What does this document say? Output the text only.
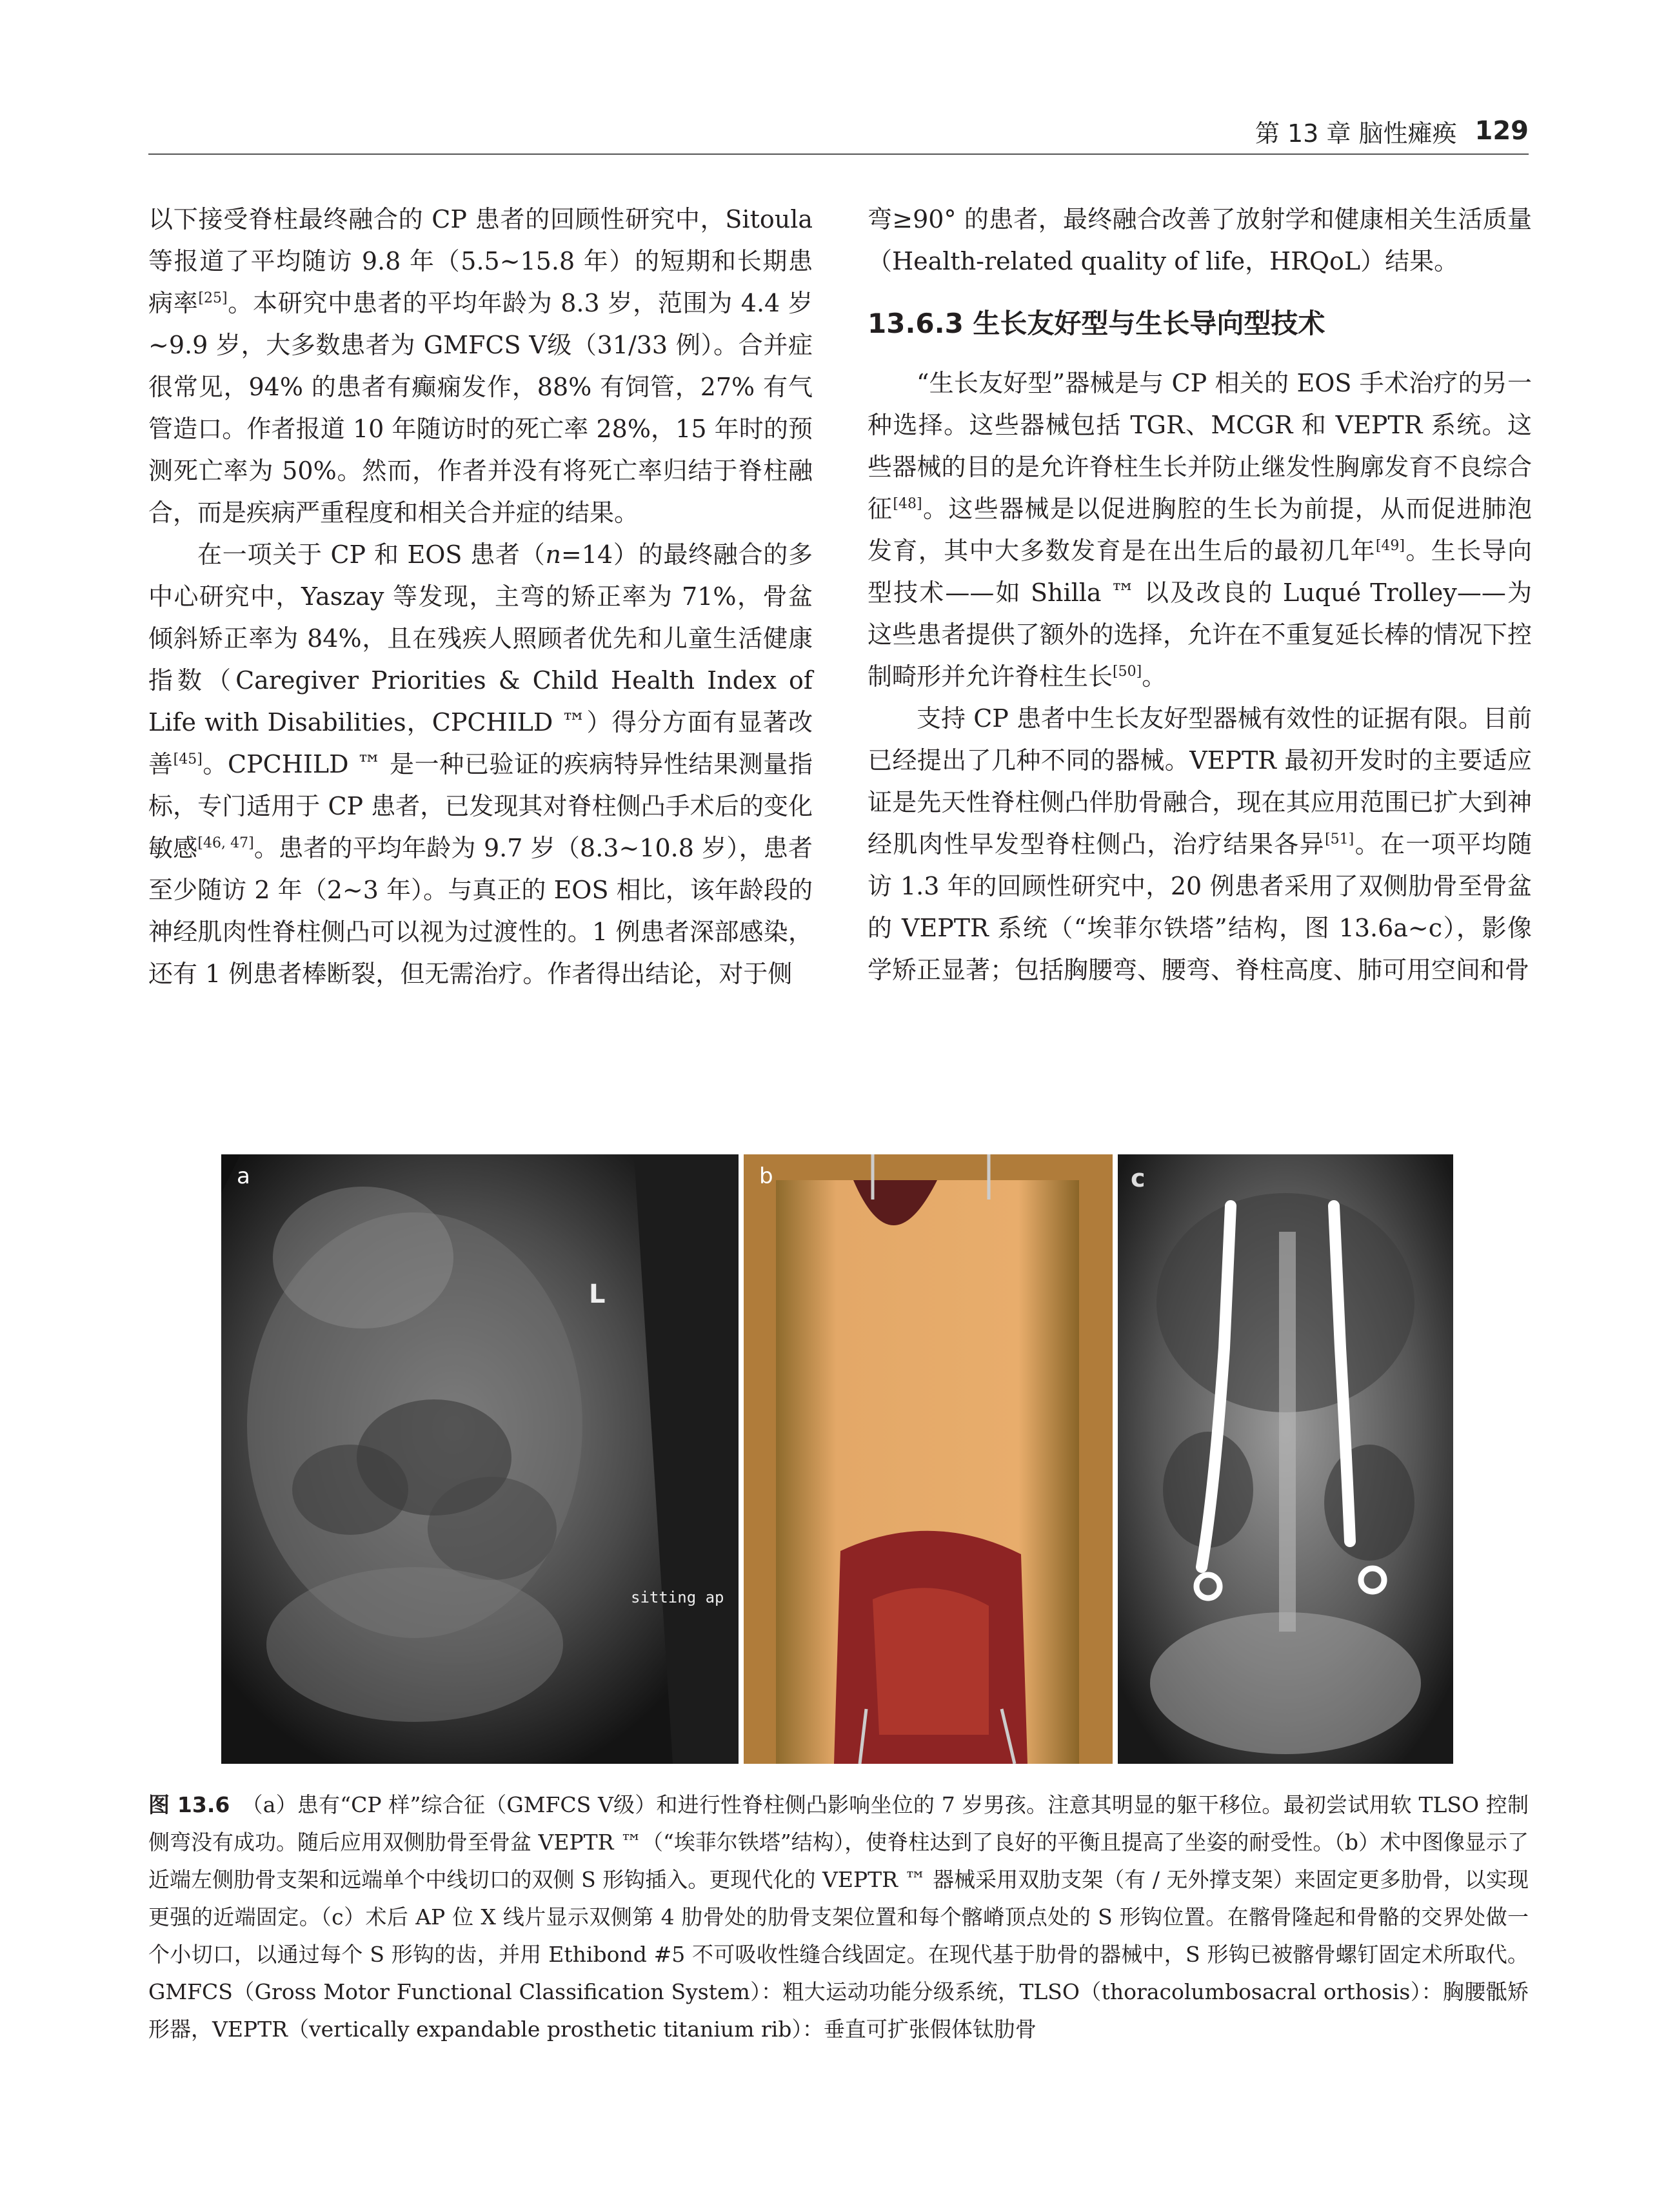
第 13 章 脑性瘫痪 129

以下接受脊柱最终融合的 CP 患者的回顾性研究中，Sitoula 等报道了平均随访 9.8 年（5.5~15.8 年）的短期和长期患病率[25]。本研究中患者的平均年龄为 8.3 岁，范围为 4.4 岁 ~9.9 岁，大多数患者为 GMFCS Ⅴ级（31/33 例）。合并症很常见，94% 的患者有癫痫发作，88% 有饲管，27% 有气管造口。作者报道 10 年随访时的死亡率 28%，15 年时的预测死亡率为 50%。然而，作者并没有将死亡率归结于脊柱融合，而是疾病严重程度和相关合并症的结果。

在一项关于 CP 和 EOS 患者（n=14）的最终融合的多中心研究中，Yaszay 等发现，主弯的矫正率为 71%，骨盆倾斜矫正率为 84%，且在残疾人照顾者优先和儿童生活健康指数（Caregiver Priorities & Child Health Index of Life with Disabilities，CPCHILD ™）得分方面有显著改善[45]。CPCHILD ™ 是一种已验证的疾病特异性结果测量指标，专门适用于 CP 患者，已发现其对脊柱侧凸手术后的变化敏感[46, 47]。患者的平均年龄为 9.7 岁（8.3~10.8 岁），患者至少随访 2 年（2~3 年）。与真正的 EOS 相比，该年龄段的神经肌肉性脊柱侧凸可以视为过渡性的。1 例患者深部感染，还有 1 例患者棒断裂，但无需治疗。作者得出结论，对于侧

弯≥90° 的患者，最终融合改善了放射学和健康相关生活质量（Health-related quality of life，HRQoL）结果。

13.6.3 生长友好型与生长导向型技术

“生长友好型”器械是与 CP 相关的 EOS 手术治疗的另一种选择。这些器械包括 TGR、MCGR 和 VEPTR 系统。这些器械的目的是允许脊柱生长并防止继发性胸廓发育不良综合征[48]。这些器械是以促进胸腔的生长为前提，从而促进肺泡发育，其中大多数发育是在出生后的最初几年[49]。生长导向型技术——如 Shilla ™ 以及改良的 Luqué Trolley——为这些患者提供了额外的选择，允许在不重复延长棒的情况下控制畸形并允许脊柱生长[50]。

支持 CP 患者中生长友好型器械有效性的证据有限。目前已经提出了几种不同的器械。VEPTR 最初开发时的主要适应证是先天性脊柱侧凸伴肋骨融合，现在其应用范围已扩大到神经肌肉性早发型脊柱侧凸，治疗结果各异[51]。在一项平均随访 1.3 年的回顾性研究中，20 例患者采用了双侧肋骨至骨盆的 VEPTR 系统（“埃菲尔铁塔”结构，图 13.6a~c），影像学矫正显著；包括胸腰弯、腰弯、脊柱高度、肺可用空间和骨

L
sitting ap
a	b	c
图 13.6 （a）患有“CP 样”综合征（GMFCS Ⅴ级）和进行性脊柱侧凸影响坐位的 7 岁男孩。注意其明显的躯干移位。最初尝试用软 TLSO 控制侧弯没有成功。随后应用双侧肋骨至骨盆 VEPTR ™（“埃菲尔铁塔”结构），使脊柱达到了良好的平衡且提高了坐姿的耐受性。（b）术中图像显示了近端左侧肋骨支架和远端单个中线切口的双侧 S 形钩插入。更现代化的 VEPTR ™ 器械采用双肋支架（有 / 无外撑支架）来固定更多肋骨，以实现更强的近端固定。（c）术后 AP 位 X 线片显示双侧第 4 肋骨处的肋骨支架位置和每个髂嵴顶点处的 S 形钩位置。在髂骨隆起和骨骼的交界处做一个小切口，以通过每个 S 形钩的齿，并用 Ethibond #5 不可吸收性缝合线固定。在现代基于肋骨的器械中，S 形钩已被髂骨螺钉固定术所取代。GMFCS（Gross Motor Functional Classification System）：粗大运动功能分级系统，TLSO（thoracolumbosacral orthosis）：胸腰骶矫形器，VEPTR（vertically expandable prosthetic titanium rib）：垂直可扩张假体钛肋骨
